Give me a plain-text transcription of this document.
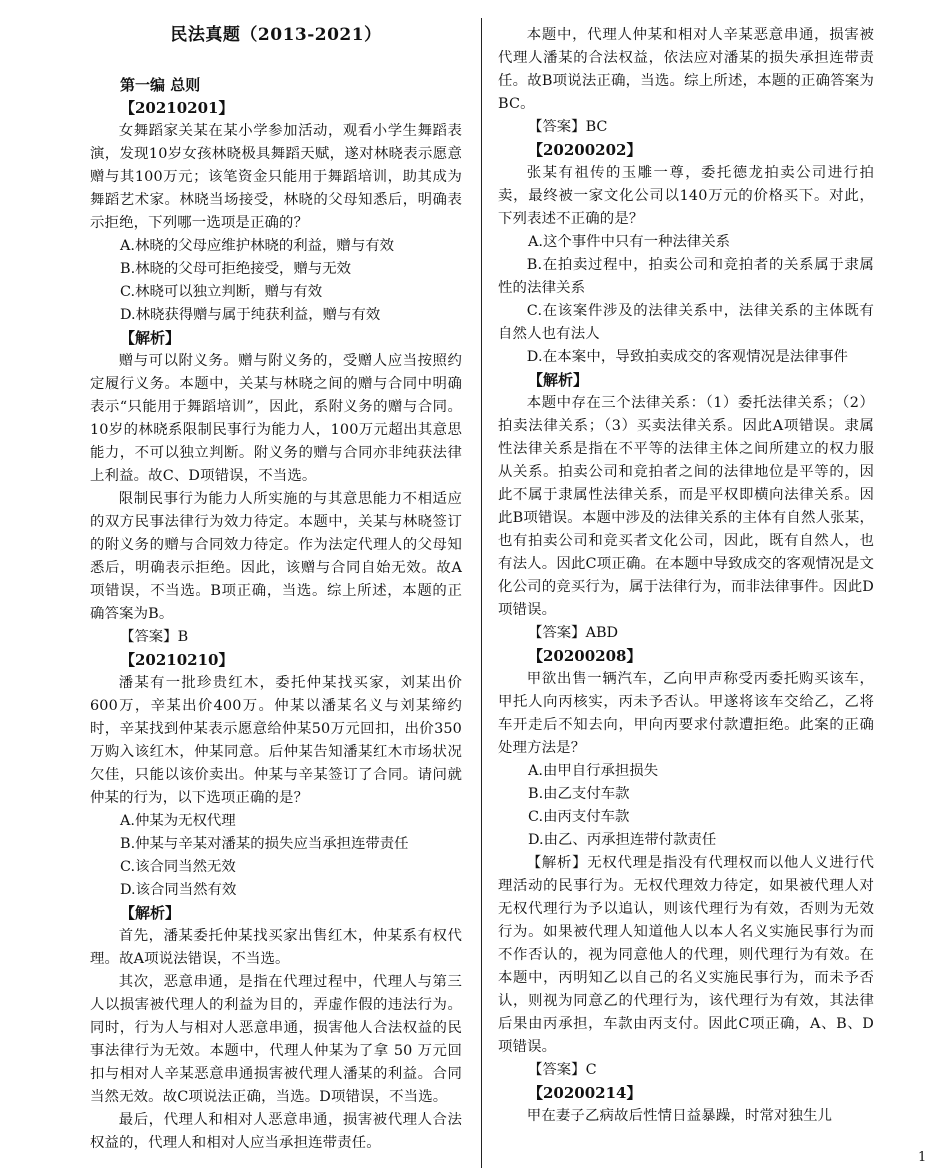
民法真题（2013-2021）
第一编 总则
【20210201】

女舞蹈家关某在某小学参加活动，观看小学生舞蹈表演，发现10岁女孩林晓极具舞蹈天赋，遂对林晓表示愿意赠与其100万元；该笔资金只能用于舞蹈培训，助其成为舞蹈艺术家。林晓当场接受，林晓的父母知悉后，明确表示拒绝，下列哪一选项是正确的？

A.林晓的父母应维护林晓的利益，赠与有效

B.林晓的父母可拒绝接受，赠与无效

C.林晓可以独立判断，赠与有效

D.林晓获得赠与属于纯获利益，赠与有效

【解析】

赠与可以附义务。赠与附义务的，受赠人应当按照约定履行义务。本题中，关某与林晓之间的赠与合同中明确表示“只能用于舞蹈培训”，因此，系附义务的赠与合同。10岁的林晓系限制民事行为能力人，100万元超出其意思能力，不可以独立判断。附义务的赠与合同亦非纯获法律上利益。故C、D项错误，不当选。

限制民事行为能力人所实施的与其意思能力不相适应的双方民事法律行为效力待定。本题中，关某与林晓签订的附义务的赠与合同效力待定。作为法定代理人的父母知悉后，明确表示拒绝。因此，该赠与合同自始无效。故A项错误，不当选。B项正确，当选。综上所述，本题的正确答案为B。

【答案】B
【20210210】

潘某有一批珍贵红木，委托仲某找买家，刘某出价600万，辛某出价400万。仲某以潘某名义与刘某缔约时，辛某找到仲某表示愿意给仲某50万元回扣，出价350万购入该红木，仲某同意。后仲某告知潘某红木市场状况欠佳，只能以该价卖出。仲某与辛某签订了合同。请问就仲某的行为，以下选项正确的是？

A.仲某为无权代理

B.仲某与辛某对潘某的损失应当承担连带责任

C.该合同当然无效

D.该合同当然有效

【解析】

首先，潘某委托仲某找买家出售红木，仲某系有权代理。故A项说法错误，不当选。

其次，恶意串通，是指在代理过程中，代理人与第三人以损害被代理人的利益为目的，弄虚作假的违法行为。同时，行为人与相对人恶意串通，损害他人合法权益的民事法律行为无效。本题中，代理人仲某为了拿 50 万元回扣与相对人辛某恶意串通损害被代理人潘某的利益。合同当然无效。故C项说法正确，当选。D项错误，不当选。

最后，代理人和相对人恶意串通，损害被代理人合法权益的，代理人和相对人应当承担连带责任。

本题中，代理人仲某和相对人辛某恶意串通，损害被代理人潘某的合法权益，依法应对潘某的损失承担连带责任。故B项说法正确，当选。综上所述，本题的正确答案为BC。

【答案】BC
【20200202】

张某有祖传的玉雕一尊，委托德龙拍卖公司进行拍卖，最终被一家文化公司以140万元的价格买下。对此，下列表述不正确的是？

A.这个事件中只有一种法律关系

B.在拍卖过程中，拍卖公司和竞拍者的关系属于隶属性的法律关系

C.在该案件涉及的法律关系中，法律关系的主体既有自然人也有法人

D.在本案中，导致拍卖成交的客观情况是法律事件

【解析】

本题中存在三个法律关系：（1）委托法律关系；（2）拍卖法律关系；（3）买卖法律关系。因此A项错误。隶属性法律关系是指在不平等的法律主体之间所建立的权力服从关系。拍卖公司和竞拍者之间的法律地位是平等的，因此不属于隶属性法律关系，而是平权即横向法律关系。因此B项错误。本题中涉及的法律关系的主体有自然人张某，也有拍卖公司和竞买者文化公司，因此，既有自然人，也有法人。因此C项正确。在本题中导致成交的客观情况是文化公司的竞买行为，属于法律行为，而非法律事件。因此D项错误。

【答案】ABD
【20200208】

甲欲出售一辆汽车，乙向甲声称受丙委托购买该车，甲托人向丙核实，丙未予否认。甲遂将该车交给乙，乙将车开走后不知去向，甲向丙要求付款遭拒绝。此案的正确处理方法是？

A.由甲自行承担损失

B.由乙支付车款

C.由丙支付车款

D.由乙、丙承担连带付款责任

【解析】无权代理是指没有代理权而以他人义进行代理活动的民事行为。无权代理效力待定，如果被代理人对无权代理行为予以追认，则该代理行为有效，否则为无效行为。如果被代理人知道他人以本人名义实施民事行为而不作否认的，视为同意他人的代理，则代理行为有效。在本题中，丙明知乙以自己的名义实施民事行为，而未予否认，则视为同意乙的代理行为，该代理行为有效，其法律后果由丙承担，车款由丙支付。因此C项正确，A、B、D项错误。

【答案】C
【20200214】

甲在妻子乙病故后性情日益暴躁，时常对独生儿

1
